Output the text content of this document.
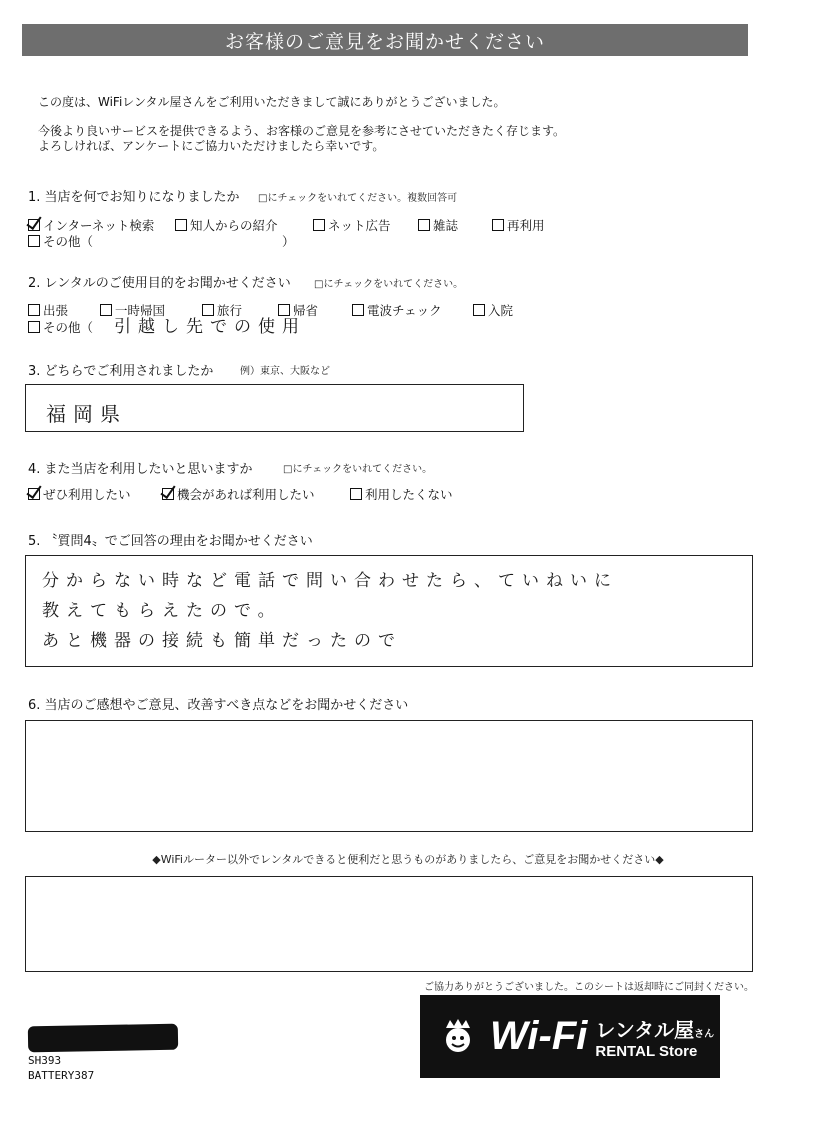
お客様のご意見をお聞かせください
この度は、WiFiレンタル屋さんをご利用いただきまして誠にありがとうございました。
今後より良いサービスを提供できるよう、お客様のご意見を参考にさせていただきたく存じます。
よろしければ、アンケートにご協力いただけましたら幸いです。
1. 当店を何でお知りになりましたか □にチェックをいれてください。複数回答可
インターネット検索	知人からの紹介	ネット広告	雑誌	再利用
その他（	）
2. レンタルのご使用目的をお聞かせください □にチェックをいれてください。
出張	一時帰国	旅行	帰省	電波チェック	入院
その他（ 引越し先での使用
3. どちらでご利用されましたか	例）東京、大阪など
福岡県
4. また当店を利用したいと思いますか	□にチェックをいれてください。
ぜひ利用したい	機会があれば利用したい	利用したくない
5. 〝質問4〟でご回答の理由をお聞かせください
分からない時など電話で問い合わせたら、ていねいに
教えてもらえたので。
あと機器の接続も簡単だったので
6. 当店のご感想やご意見、改善すべき点などをお聞かせください
◆WiFiルーター以外でレンタルできると便利だと思うものがありましたら、ご意見をお聞かせください◆
ご協力ありがとうございました。このシートは返却時にご同封ください。
SH393
BATTERY387
Wi-Fi レンタル屋さん
RENTAL Store
